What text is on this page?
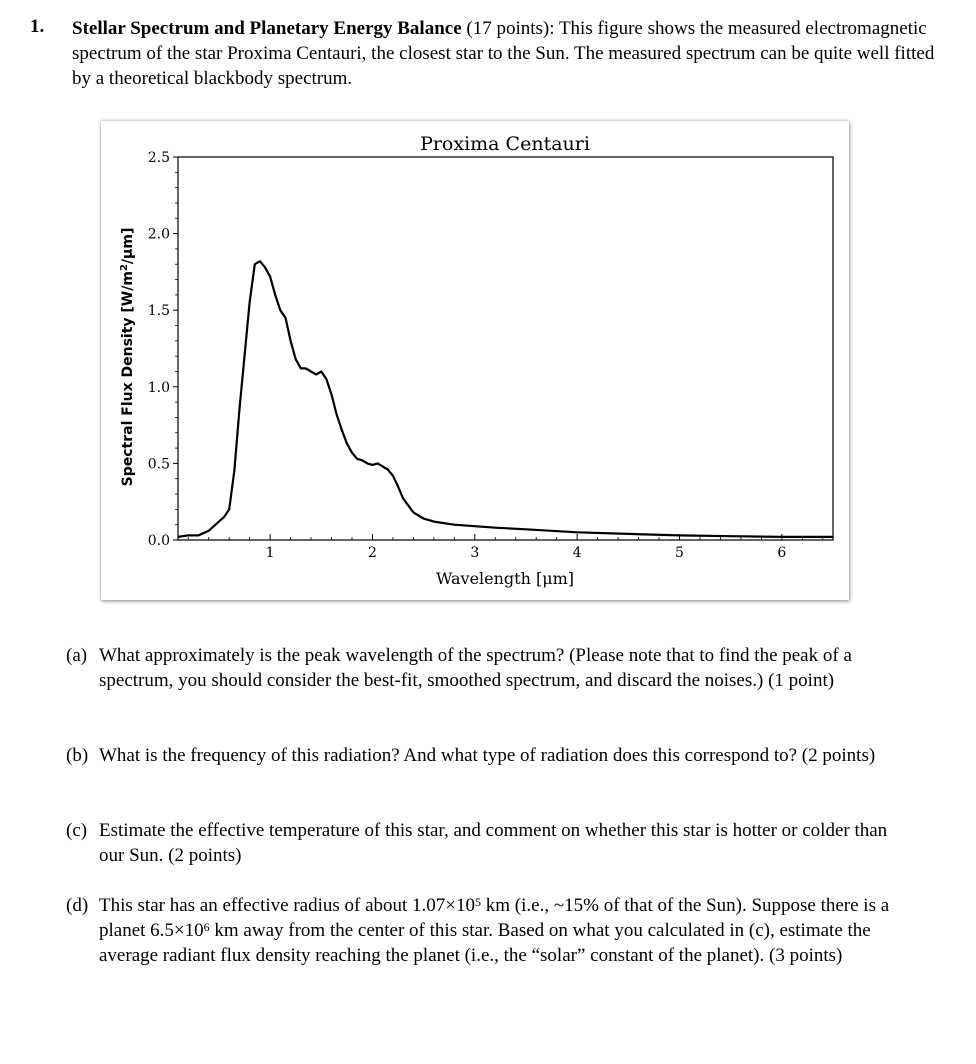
1. Stellar Spectrum and Planetary Energy Balance (17 points): This figure shows the measured electromagnetic spectrum of the star Proxima Centauri, the closest star to the Sun. The measured spectrum can be quite well fitted by a theoretical blackbody spectrum.
Proxima Centauri
0.0
0.5
1.0
1.5
2.0
2.5
1	2	3	4	5	6
Wavelength [μm]
Spectral Flux Density $[W/m^2/\mu m]$
(a) What approximately is the peak wavelength of the spectrum? (Please note that to find the peak of a spectrum, you should consider the best-fit, smoothed spectrum, and discard the noises.) (1 point)
(b) What is the frequency of this radiation? And what type of radiation does this correspond to? (2 points)
(c) Estimate the effective temperature of this star, and comment on whether this star is hotter or colder than our Sun. (2 points)
(d) This star has an effective radius of about $1.07\times 10^5$ km (i.e., ~15% of that of the Sun). Suppose there is a planet $6.5\times 10^6$ km away from the center of this star. Based on what you calculated in (c), estimate the average radiant flux density reaching the planet (i.e., the “solar” constant of the planet). (3 points)
